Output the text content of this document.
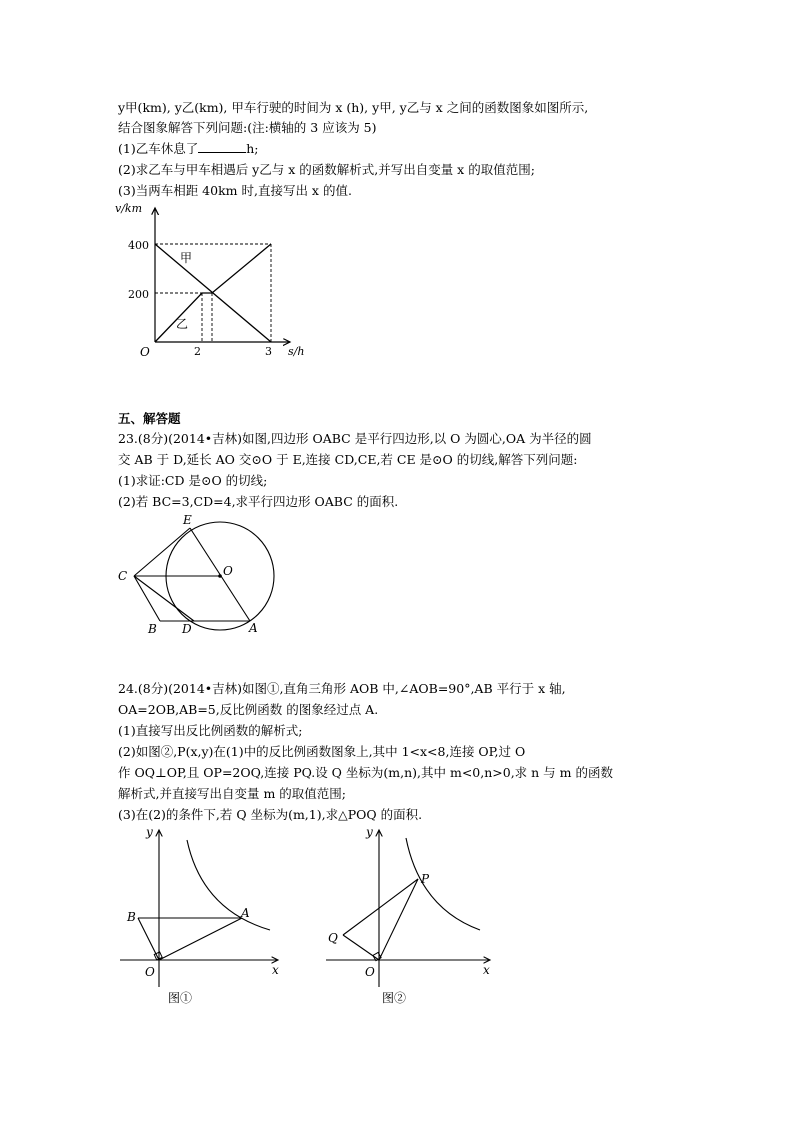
y甲(km), y乙(km), 甲车行驶的时间为 x (h), y甲, y乙与 x 之间的函数图象如图所示,
结合图象解答下列问题:(注:横轴的 3 应该为 5)
(1)乙车休息了	h;
(2)求乙车与甲车相遇后 y乙与 x 的函数解析式,并写出自变量 x 的取值范围;
(3)当两车相距 40km 时,直接写出 x 的值.
v/km
s/h
400
200
O	2	3
甲
乙
五、解答题
23.(8分)(2014•吉林)如图,四边形 OABC 是平行四边形,以 O 为圆心,OA 为半径的圆
交 AB 于 D,延长 AO 交⊙O 于 E,连接 CD,CE,若 CE 是⊙O 的切线,解答下列问题:
(1)求证:CD 是⊙O 的切线;
(2)若 BC=3,CD=4,求平行四边形 OABC 的面积.
E
C	O
B D	A
24.(8分)(2014•吉林)如图①,直角三角形 AOB 中,∠AOB=90°,AB 平行于 x 轴,
OA=2OB,AB=5,反比例函数 的图象经过点 A.
(1)直接写出反比例函数的解析式;
(2)如图②,P(x,y)在(1)中的反比例函数图象上,其中 1<x<8,连接 OP,过 O
作 OQ⊥OP,且 OP=2OQ,连接 PQ.设 Q 坐标为(m,n),其中 m<0,n>0,求 n 与 m 的函数
解析式,并直接写出自变量 m 的取值范围;
(3)在(2)的条件下,若 Q 坐标为(m,1),求△POQ 的面积.
y
x
O
B	A
图①
y
x
O
P
Q
图②
